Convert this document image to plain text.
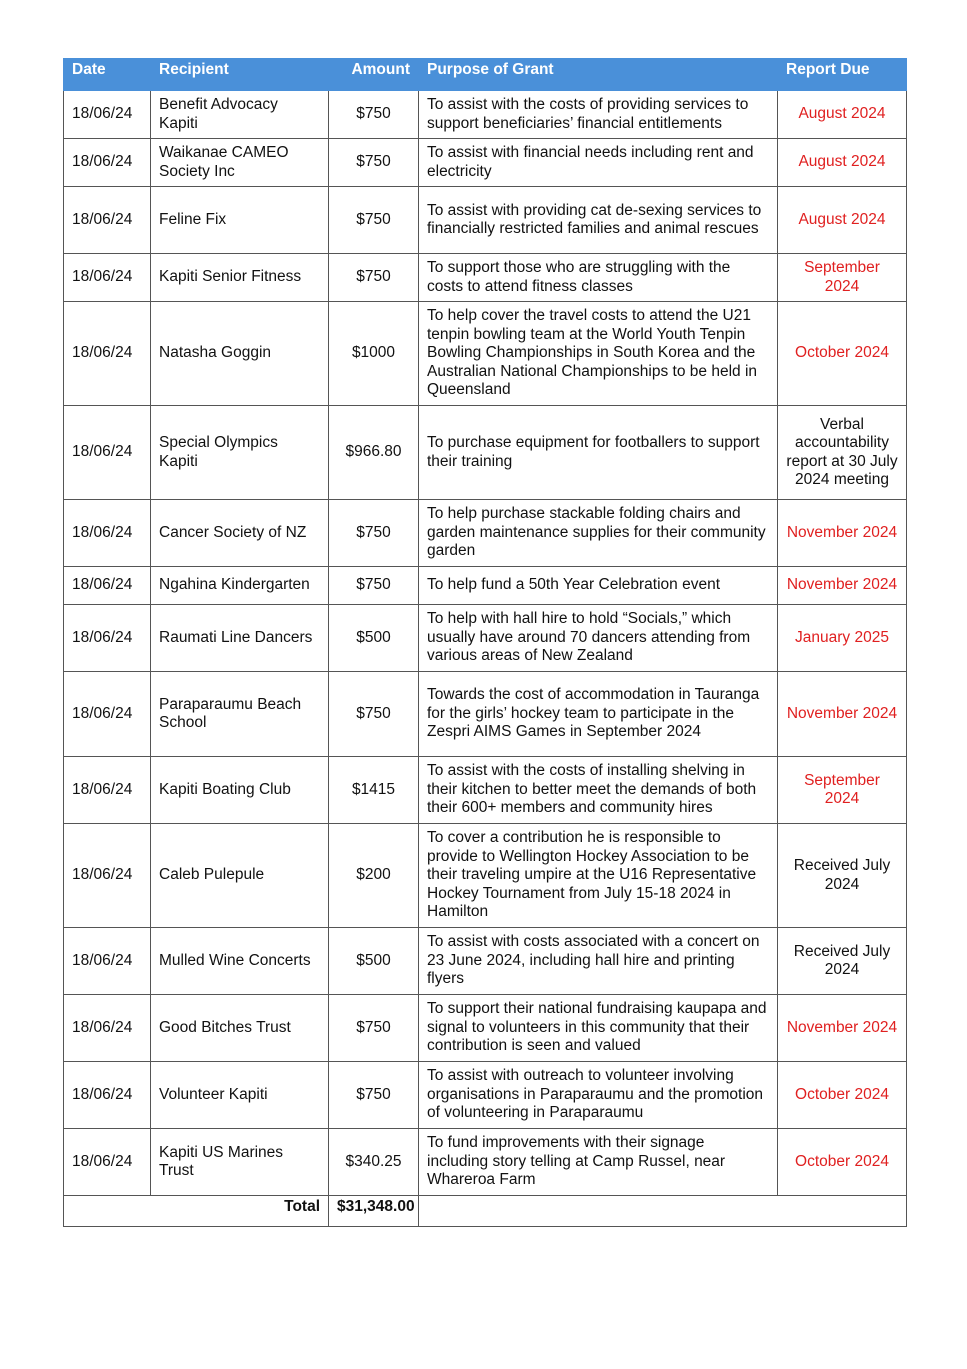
Date	Recipient	Amount	Purpose of Grant	Report Due
18/06/24	Benefit Advocacy Kapiti	$750	To assist with the costs of providing services to support beneficiaries’ financial entitlements	August 2024
18/06/24	Waikanae CAMEO Society Inc	$750	To assist with financial needs including rent and electricity	August 2024
18/06/24	Feline Fix	$750	To assist with providing cat de-sexing services to financially restricted families and animal rescues	August 2024
18/06/24	Kapiti Senior Fitness	$750	To support those who are struggling with the costs to attend fitness classes	September 2024
18/06/24	Natasha Goggin	$1000	To help cover the travel costs to attend the U21 tenpin bowling team at the World Youth Tenpin Bowling Championships in South Korea and the Australian National Championships to be held in Queensland	October 2024
18/06/24	Special Olympics Kapiti	$966.80	To purchase equipment for footballers to support their training	Verbal accountability report at 30 July 2024 meeting
18/06/24	Cancer Society of NZ	$750	To help purchase stackable folding chairs and garden maintenance supplies for their community garden	November 2024
18/06/24	Ngahina Kindergarten	$750	To help fund a 50th Year Celebration event	November 2024
18/06/24	Raumati Line Dancers	$500	To help with hall hire to hold “Socials,” which usually have around 70 dancers attending from various areas of New Zealand	January 2025
18/06/24	Paraparaumu Beach School	$750	Towards the cost of accommodation in Tauranga for the girls’ hockey team to participate in the Zespri AIMS Games in September 2024	November 2024
18/06/24	Kapiti Boating Club	$1415	To assist with the costs of installing shelving in their kitchen to better meet the demands of both their 600+ members and community hires	September 2024
18/06/24	Caleb Pulepule	$200	To cover a contribution he is responsible to provide to Wellington Hockey Association to be their traveling umpire at the U16 Representative Hockey Tournament from July 15-18 2024 in Hamilton	Received July 2024
18/06/24	Mulled Wine Concerts	$500	To assist with costs associated with a concert on 23 June 2024, including hall hire and printing flyers	Received July 2024
18/06/24	Good Bitches Trust	$750	To support their national fundraising kaupapa and signal to volunteers in this community that their contribution is seen and valued	November 2024
18/06/24	Volunteer Kapiti	$750	To assist with outreach to volunteer involving organisations in Paraparaumu and the promotion of volunteering in Paraparaumu	October 2024
18/06/24	Kapiti US Marines Trust	$340.25	To fund improvements with their signage including story telling at Camp Russel, near Whareroa Farm	October 2024
Total		$31,348.00		
